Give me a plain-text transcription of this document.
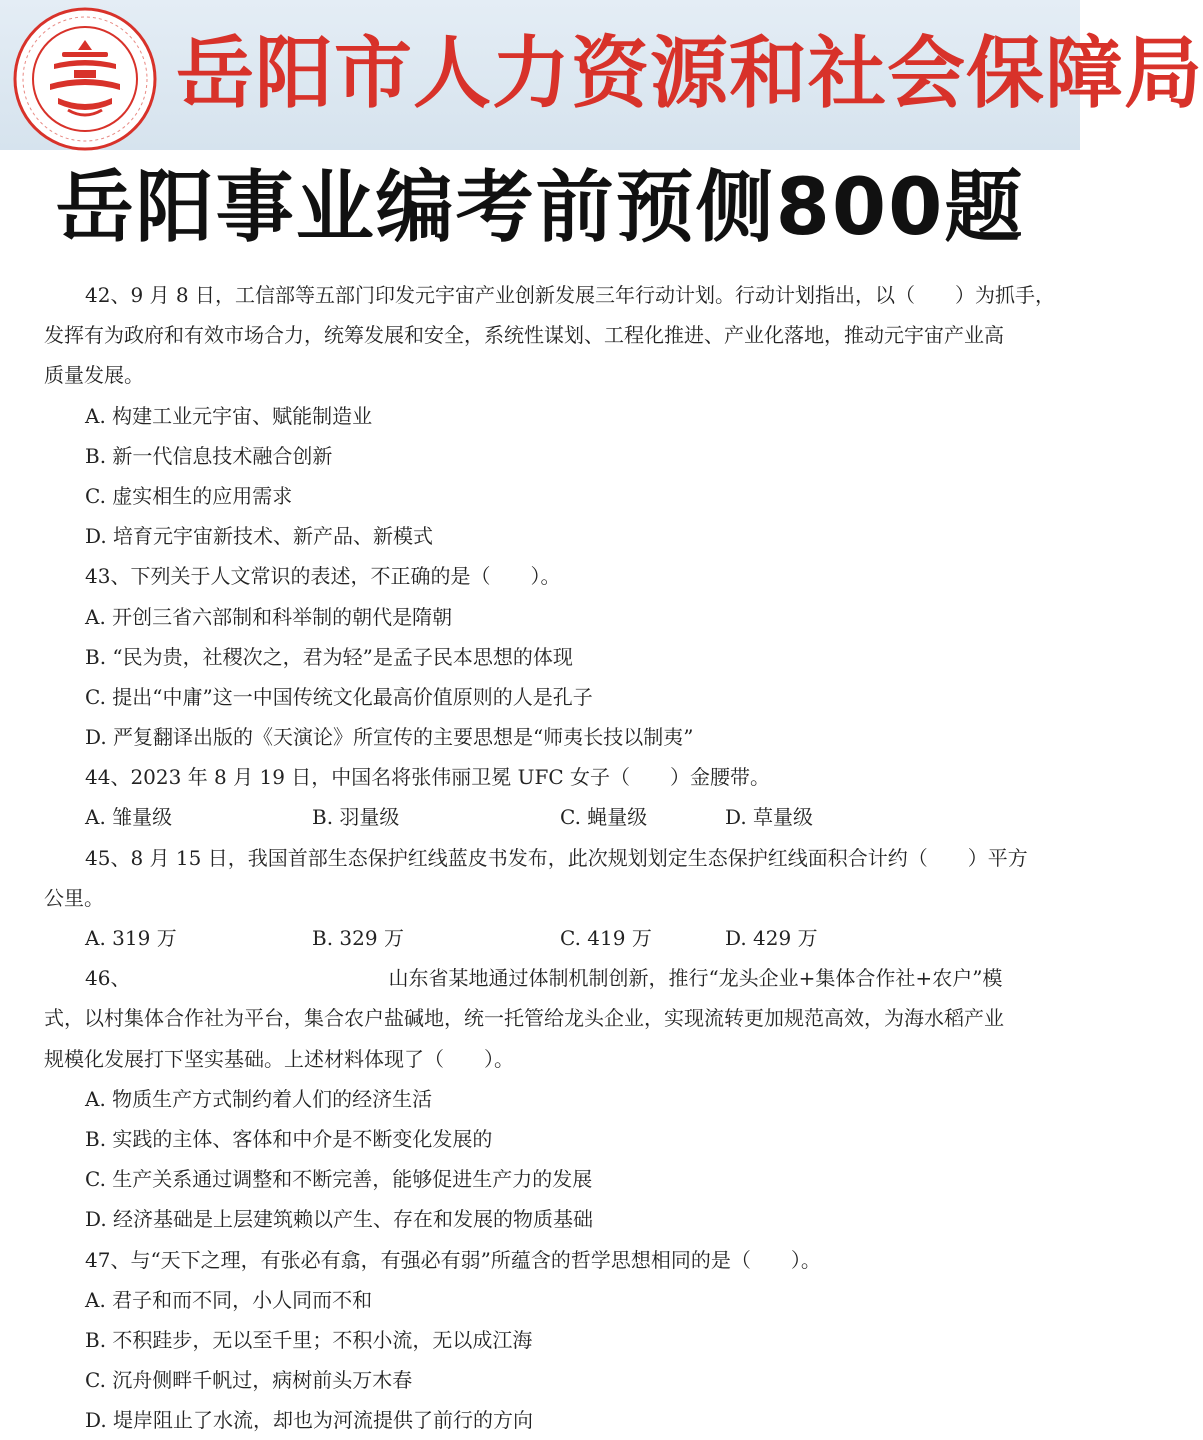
岳阳市人力资源和社会保障局
岳阳事业编考前预侧800题
42、9 月 8 日，工信部等五部门印发元宇宙产业创新发展三年行动计划。行动计划指出，以（　　）为抓手，
发挥有为政府和有效市场合力，统筹发展和安全，系统性谋划、工程化推进、产业化落地，推动元宇宙产业高
质量发展。
A. 构建工业元宇宙、赋能制造业
B. 新一代信息技术融合创新
C. 虚实相生的应用需求
D. 培育元宇宙新技术、新产品、新模式
43、下列关于人文常识的表述，不正确的是（　　）。
A. 开创三省六部制和科举制的朝代是隋朝
B. “民为贵，社稷次之，君为轻”是孟子民本思想的体现
C. 提出“中庸”这一中国传统文化最高价值原则的人是孔子
D. 严复翻译出版的《天演论》所宣传的主要思想是“师夷长技以制夷”
44、2023 年 8 月 19 日，中国名将张伟丽卫冕 UFC 女子（　　）金腰带。
A. 雏量级	B. 羽量级	C. 蝇量级	D. 草量级
45、8 月 15 日，我国首部生态保护红线蓝皮书发布，此次规划划定生态保护红线面积合计约（　　）平方
公里。
A. 319 万	B. 329 万	C. 419 万	D. 429 万
46、	山东省某地通过体制机制创新，推行“龙头企业+集体合作社+农户”模
式，以村集体合作社为平台，集合农户盐碱地，统一托管给龙头企业，实现流转更加规范高效，为海水稻产业
规模化发展打下坚实基础。上述材料体现了（　　）。
A. 物质生产方式制约着人们的经济生活
B. 实践的主体、客体和中介是不断变化发展的
C. 生产关系通过调整和不断完善，能够促进生产力的发展
D. 经济基础是上层建筑赖以产生、存在和发展的物质基础
47、与“天下之理，有张必有翕，有强必有弱”所蕴含的哲学思想相同的是（　　）。
A. 君子和而不同，小人同而不和
B. 不积跬步，无以至千里；不积小流，无以成江海
C. 沉舟侧畔千帆过，病树前头万木春
D. 堤岸阻止了水流，却也为河流提供了前行的方向
